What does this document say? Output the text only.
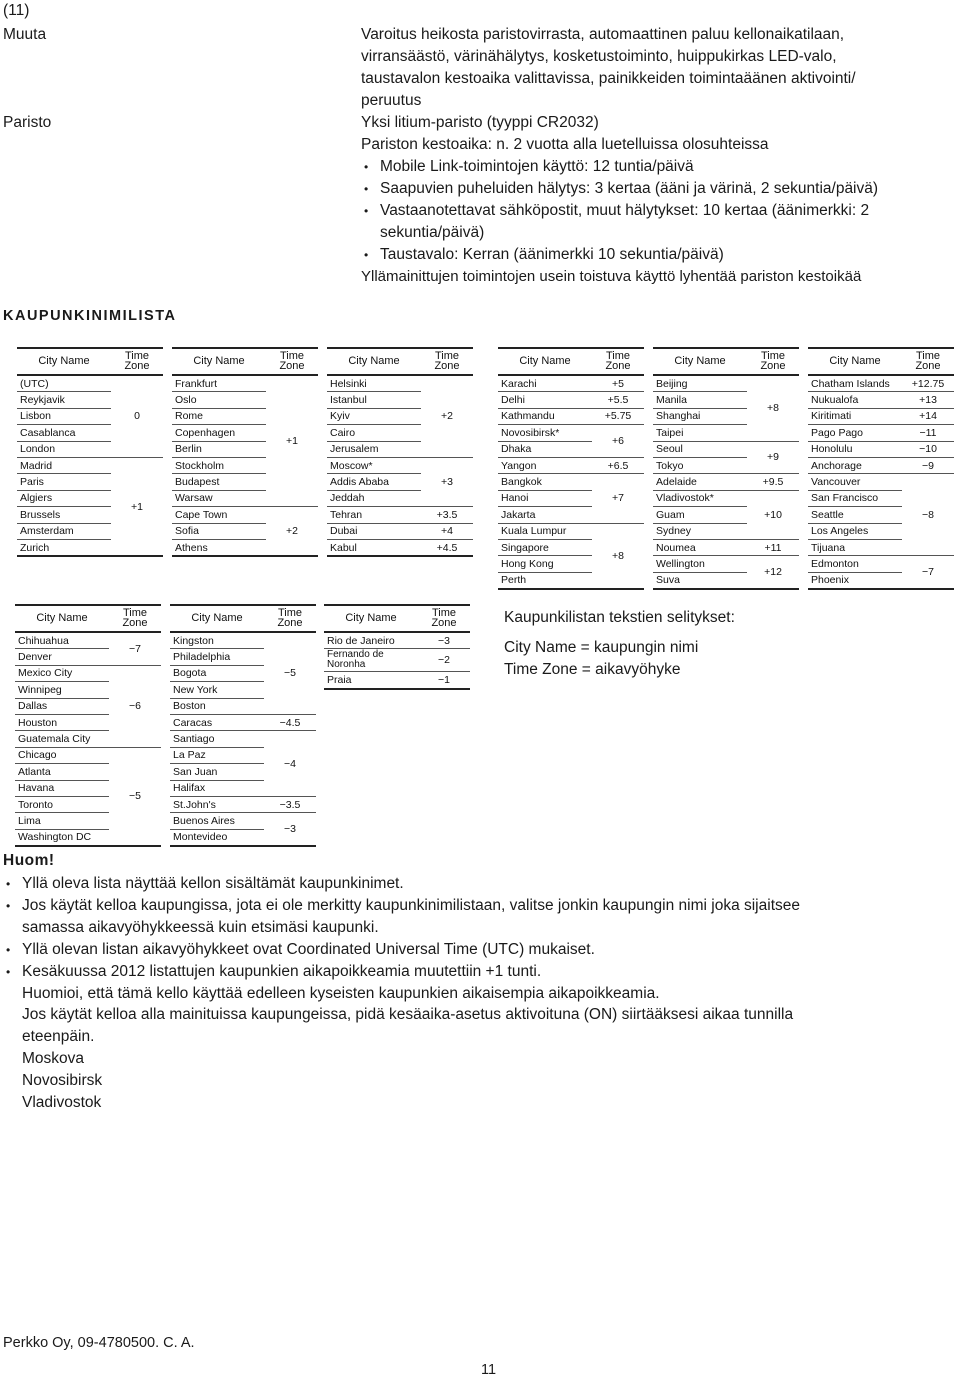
(11)
Muuta	Varoitus heikosta paristovirrasta, automaattinen paluu kellonaikatilaan,
virransäästö, värinähälytys, kosketustoiminto, huippukirkas LED-valo,
taustavalon kestoaika valittavissa, painikkeiden toimintaäänen aktivointi/
peruutus
Paristo	Yksi litium-paristo (tyyppi CR2032)
Pariston kestoaika: n. 2 vuotta alla luetelluissa olosuhteissa
•
Mobile Link-toimintojen käyttö: 12 tuntia/päivä
•
Saapuvien puheluiden hälytys: 3 kertaa (ääni ja värinä, 2 sekuntia/päivä)
•
Vastaanotettavat sähköpostit, muut hälytykset: 10 kertaa (äänimerkki: 2
sekuntia/päivä)
•
Taustavalo: Kerran (äänimerkki 10 sekuntia/päivä)
Yllämainittujen toimintojen usein toistuva käyttö lyhentää pariston kestoikää
KAUPUNKINIMILISTA
City Name	Time
Zone

(UTC)	0
Reykjavik	
Lisbon	
Casablanca	
London	
Madrid	+1
Paris	
Algiers	
Brussels	
Amsterdam	
Zurich	
City Name	Time
Zone

Frankfurt	+1
Oslo	
Rome	
Copenhagen	
Berlin	
Stockholm	
Budapest	
Warsaw	
Cape Town	+2
Sofia	
Athens	
City Name	Time
Zone

Helsinki	+2
Istanbul	
Kyiv	
Cairo	
Jerusalem	
Moscow*	+3
Addis Ababa	
Jeddah	
Tehran	+3.5
Dubai	+4
Kabul	+4.5
City Name	Time
Zone

Karachi	+5
Delhi	+5.5
Kathmandu	+5.75
Novosibirsk*	+6
Dhaka	
Yangon	+6.5
Bangkok	+7
Hanoi	
Jakarta	
Kuala Lumpur	+8
Singapore	
Hong Kong	
Perth	
City Name	Time
Zone

Beijing	+8
Manila	
Shanghai	
Taipei	
Seoul	+9
Tokyo	
Adelaide	+9.5
Vladivostok*	+10
Guam	
Sydney	
Noumea	+11
Wellington	+12
Suva	
City Name	Time
Zone

Chatham Islands	+12.75
Nukualofa	+13
Kiritimati	+14
Pago Pago	−11
Honolulu	−10
Anchorage	−9
Vancouver	−8
San Francisco	
Seattle	
Los Angeles	
Tijuana	
Edmonton	−7
Phoenix	
City Name	Time
Zone

Chihuahua	−7
Denver	
Mexico City	−6
Winnipeg	
Dallas	
Houston	
Guatemala City	
Chicago	−5
Atlanta	
Havana	
Toronto	
Lima	
Washington DC	
City Name	Time
Zone

Kingston	−5
Philadelphia	
Bogota	
New York	
Boston	
Caracas	−4.5
Santiago	−4
La Paz	
San Juan	
Halifax	
St.John's	−3.5
Buenos Aires	−3
Montevideo	
City Name	Time
Zone

Rio de Janeiro	−3
Fernando de Noronha	−2
Praia	−1
Kaupunkilistan tekstien selitykset:
City Name = kaupungin nimi
Time Zone = aikavyöhyke
Huom!
•
Yllä oleva lista näyttää kellon sisältämät kaupunkinimet.
•
Jos käytät kelloa kaupungissa, jota ei ole merkitty kaupunkinimilistaan, valitse jonkin kaupungin nimi joka sijaitsee
samassa aikavyöhykkeessä kuin etsimäsi kaupunki.
•
Yllä olevan listan aikavyöhykkeet ovat Coordinated Universal Time (UTC) mukaiset.
•
Kesäkuussa 2012 listattujen kaupunkien aikapoikkeamia muutettiin +1 tunti.
Huomioi, että tämä kello käyttää edelleen kyseisten kaupunkien aikaisempia aikapoikkeamia.
Jos käytät kelloa alla mainituissa kaupungeissa, pidä kesäaika-asetus aktivoituna (ON) siirtääksesi aikaa tunnilla
eteenpäin.
Moskova
Novosibirsk
Vladivostok
Perkko Oy, 09-4780500. C. A.
11
